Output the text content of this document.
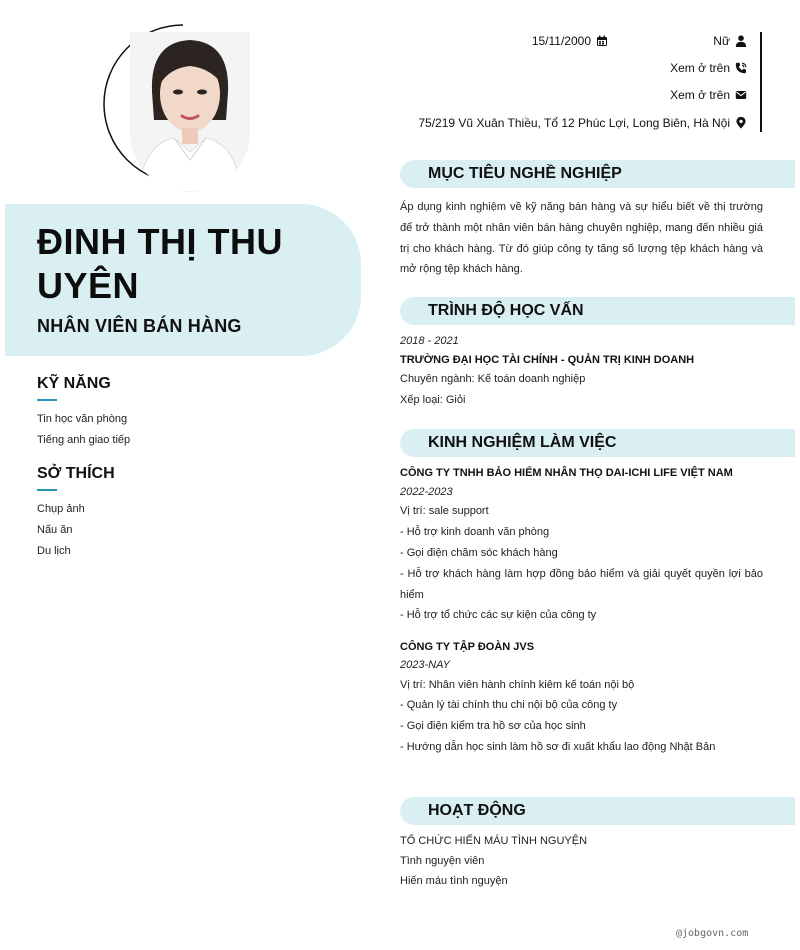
ĐINH THỊ THU UYÊN
NHÂN VIÊN BÁN HÀNG
KỸ NĂNG
Tin học văn phòng
Tiếng anh giao tiếp
SỞ THÍCH
Chụp ảnh
Nấu ăn
Du lịch
15/11/2000	Nữ
Xem ở trên
Xem ở trên
75/219 Vũ Xuân Thiều, Tổ 12 Phúc Lợi, Long Biên, Hà Nội
MỤC TIÊU NGHỀ NGHIỆP
Áp dụng kinh nghiệm về kỹ năng bán hàng và sự hiểu biết về thị trường để trở thành một nhân viên bán hàng chuyên nghiệp, mang đến nhiều giá trị cho khách hàng. Từ đó giúp công ty tăng số lượng tệp khách hàng và mở rộng tệp khách hàng.
TRÌNH ĐỘ HỌC VẤN
2018 - 2021
TRƯỜNG ĐẠI HỌC TÀI CHÍNH - QUẢN TRỊ KINH DOANH
Chuyên ngành: Kế toán doanh nghiệp
Xếp loại: Giỏi
KINH NGHIỆM LÀM VIỆC
CÔNG TY TNHH BẢO HIỂM NHÂN THỌ DAI-ICHI LIFE VIỆT NAM
2022-2023
Vị trí: sale support
- Hỗ trợ kinh doanh văn phòng
- Gọi điện chăm sóc khách hàng
- Hỗ trợ khách hàng làm hợp đồng bảo hiểm và giải quyết quyền lợi bảo hiểm
- Hỗ trợ tổ chức các sự kiện của công ty
CÔNG TY TẬP ĐOÀN JVS
2023-NAY
Vị trí: Nhân viên hành chính kiêm kế toán nội bộ
- Quản lý tài chính thu chi nội bộ của công ty
- Gọi điện kiểm tra hồ sơ của học sinh
- Hướng dẫn học sinh làm hồ sơ đi xuất khẩu lao động Nhật Bản
HOẠT ĐỘNG
TỔ CHỨC HIẾN MÁU TÌNH NGUYỆN
Tình nguyện viên
Hiến máu tình nguyện
@jobgovn.com
